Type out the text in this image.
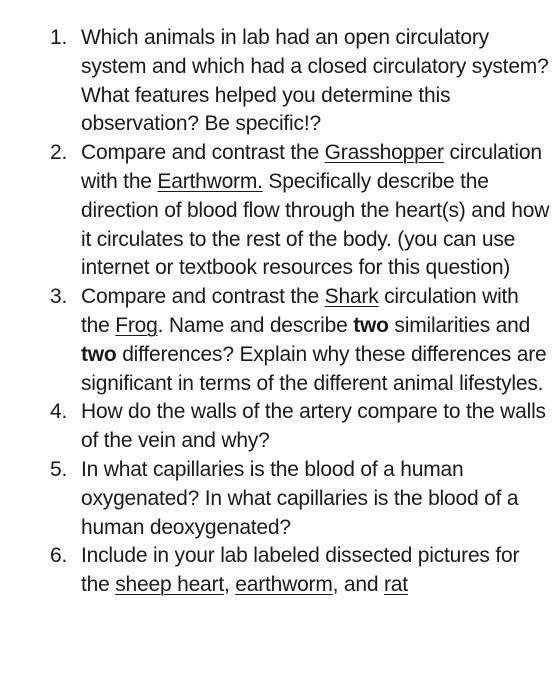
1. Which animals in lab had an open circulatory system and which had a closed circulatory system? What features helped you determine this observation? Be specific!?
2. Compare and contrast the Grasshopper circulation with the Earthworm. Specifically describe the direction of blood flow through the heart(s) and how it circulates to the rest of the body. (you can use internet or textbook resources for this question)
3. Compare and contrast the Shark circulation with the Frog. Name and describe two similarities and two differences? Explain why these differences are significant in terms of the different animal lifestyles.
4. How do the walls of the artery compare to the walls of the vein and why?
5. In what capillaries is the blood of a human oxygenated? In what capillaries is the blood of a human deoxygenated?
6. Include in your lab labeled dissected pictures for the sheep heart, earthworm, and rat
